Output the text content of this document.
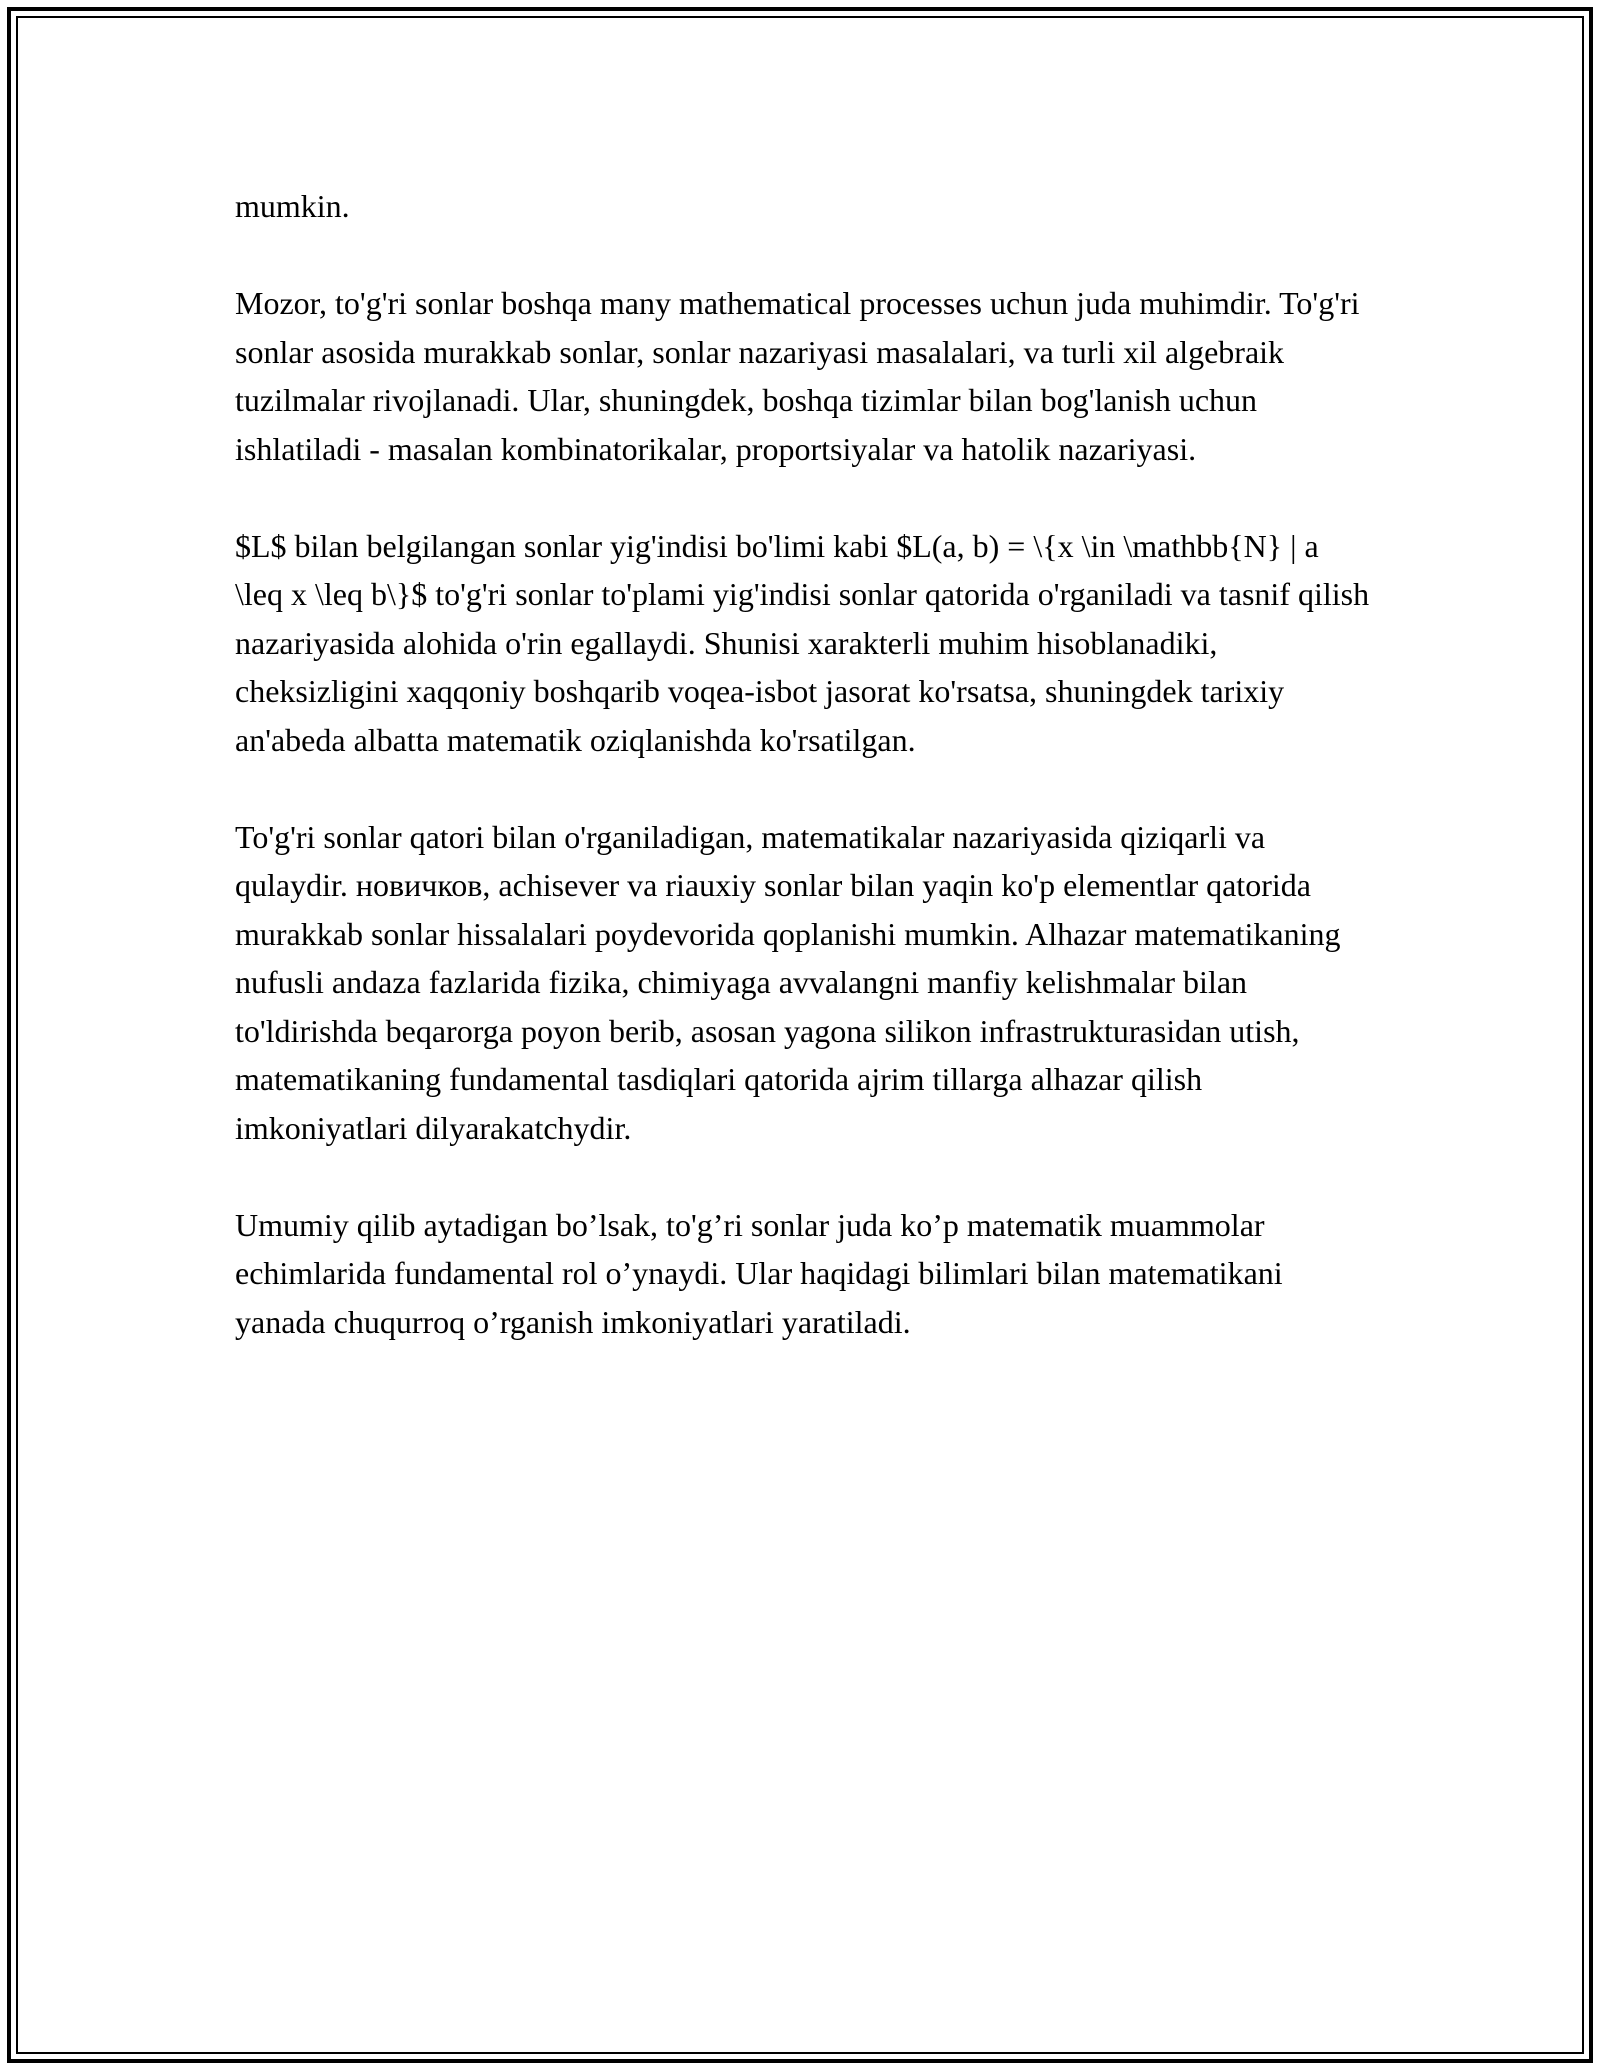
mumkin.

Mozor, to'g'ri sonlar boshqa many mathematical processes uchun juda muhimdir. To'g'ri sonlar asosida murakkab sonlar, sonlar nazariyasi masalalari, va turli xil algebraik tuzilmalar rivojlanadi. Ular, shuningdek, boshqa tizimlar bilan bog'lanish uchun ishlatiladi - masalan kombinatorikalar, proportsiyalar va hatolik nazariyasi.

$L$ bilan belgilangan sonlar yig'indisi bo'limi kabi $L(a, b) = \{x \in \mathbb{N} | a \leq x \leq b\}$ to'g'ri sonlar to'plami yig'indisi sonlar qatorida o'rganiladi va tasnif qilish nazariyasida alohida o'rin egallaydi. Shunisi xarakterli muhim hisoblanadiki, cheksizligini xaqqoniy boshqarib voqea-isbot jasorat ko'rsatsa, shuningdek tarixiy an'abeda albatta matematik oziqlanishda ko'rsatilgan.

To'g'ri sonlar qatori bilan o'rganiladigan, matematikalar nazariyasida qiziqarli va qulaydir. новичков, achisever va riauxiy sonlar bilan yaqin ko'p elementlar qatorida murakkab sonlar hissalalari poydevorida qoplanishi mumkin. Alhazar matematikaning nufusli andaza fazlarida fizika, chimiyaga avvalangni manfiy kelishmalar bilan to'ldirishda beqarorga poyon berib, asosan yagona silikon infrastrukturasidan utish, matematikaning fundamental tasdiqlari qatorida ajrim tillarga alhazar qilish imkoniyatlari dilyarakatchydir.

Umumiy qilib aytadigan bo’lsak, to'g’ri sonlar juda ko’p matematik muammolar echimlarida fundamental rol o’ynaydi. Ular haqidagi bilimlari bilan matematikani yanada chuqurroq o’rganish imkoniyatlari yaratiladi.
